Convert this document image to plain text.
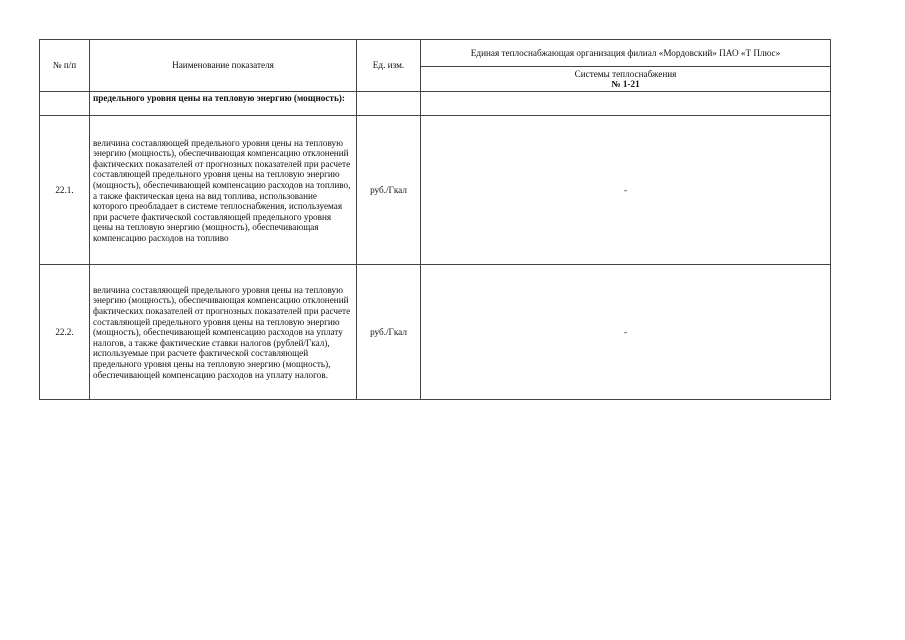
№ п/п	Наименование показателя	Ед. изм.	Единая теплоснабжающая организация филиал «Мордовский» ПАО «Т Плюс»
			Системы теплоснабжения
№ 1-21

	предельного уровня цены на тепловую энергию (мощность):		
22.1.	величина составляющей предельного уровня цены на тепловую энергию (мощность), обеспечивающая компенсацию отклонений фактических показателей от прогнозных показателей при расчете составляющей предельного уровня цены на тепловую энергию (мощность), обеспечивающей компенсацию расходов на топливо, а также фактическая цена на вид топлива, использование которого преобладает в системе теплоснабжения, используемая при расчете фактической составляющей предельного уровня цены на тепловую энергию (мощность), обеспечивающая компенсацию расходов на топливо	руб./Гкал	-
22.2.	величина составляющей предельного уровня цены на тепловую энергию (мощность), обеспечивающая компенсацию отклонений фактических показателей от прогнозных показателей при расчете составляющей предельного уровня цены на тепловую энергию (мощность), обеспечивающей компенсацию расходов на уплату налогов, а также фактические ставки налогов (рублей/Гкал), используемые при расчете фактической составляющей предельного уровня цены на тепловую энергию (мощность), обеспечивающей компенсацию расходов на уплату налогов.	руб./Гкал	-
